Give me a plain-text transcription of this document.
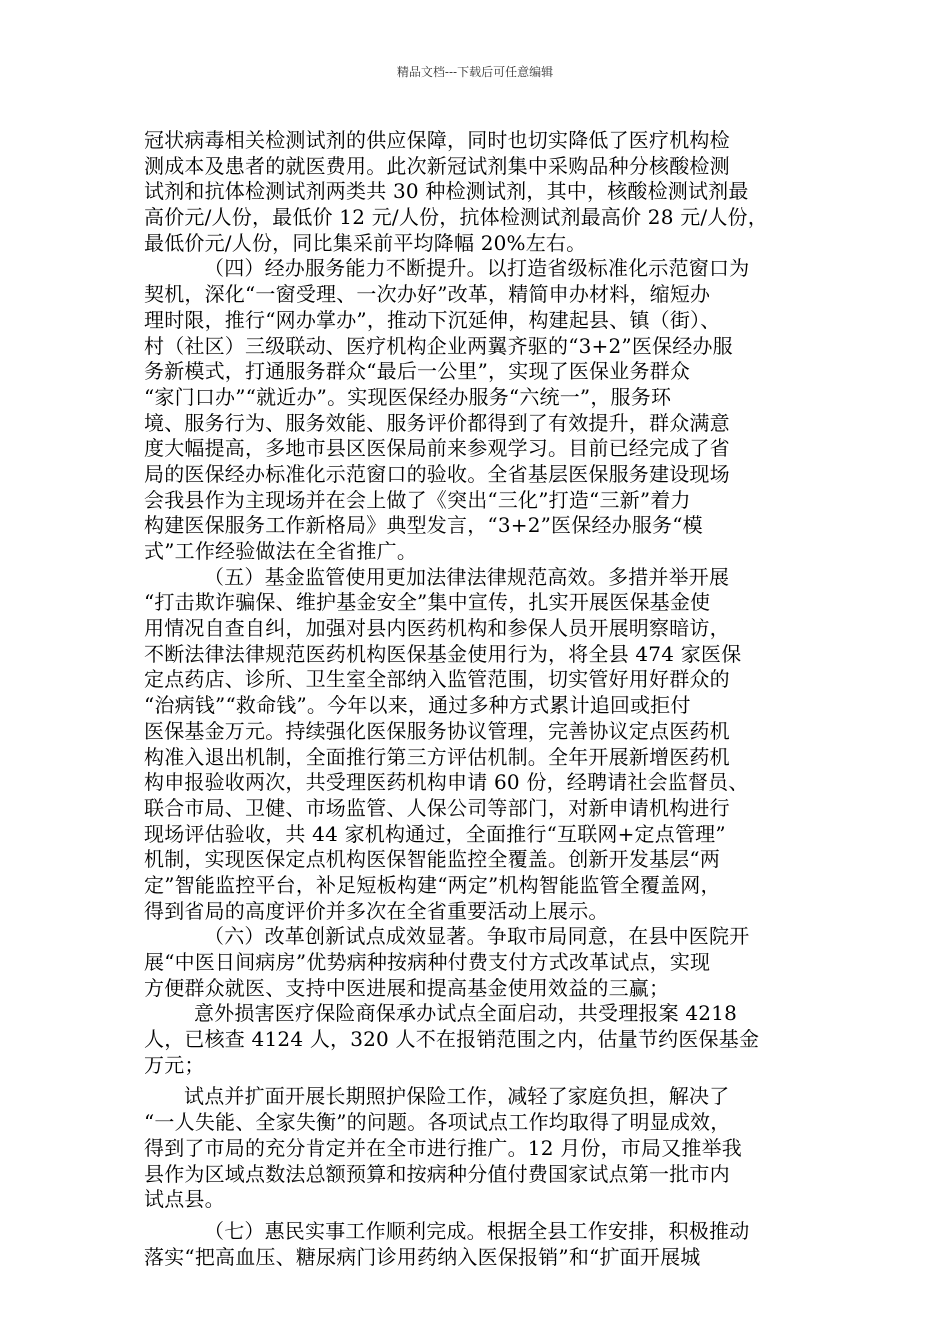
精品文档---下载后可任意编辑
冠状病毒相关检测试剂的供应保障，同时也切实降低了医疗机构检
测成本及患者的就医费用。此次新冠试剂集中采购品种分核酸检测
试剂和抗体检测试剂两类共 30 种检测试剂，其中，核酸检测试剂最
高价元/人份，最低价 12 元/人份，抗体检测试剂最高价 28 元/人份，
最低价元/人份，同比集采前平均降幅 20%左右。
（四）经办服务能力不断提升。以打造省级标准化示范窗口为
契机，深化“一窗受理、一次办好”改革，精简申办材料，缩短办
理时限，推行“网办掌办”，推动下沉延伸，构建起县、镇（街）、
村（社区）三级联动、医疗机构企业两翼齐驱的“3+2”医保经办服
务新模式，打通服务群众“最后一公里”，实现了医保业务群众
“家门口办”“就近办”。实现医保经办服务“六统一”，服务环
境、服务行为、服务效能、服务评价都得到了有效提升，群众满意
度大幅提高，多地市县区医保局前来参观学习。目前已经完成了省
局的医保经办标准化示范窗口的验收。全省基层医保服务建设现场
会我县作为主现场并在会上做了《突出“三化”打造“三新”着力
构建医保服务工作新格局》典型发言，“3+2”医保经办服务“模
式”工作经验做法在全省推广。
（五）基金监管使用更加法律法律规范高效。多措并举开展
“打击欺诈骗保、维护基金安全”集中宣传，扎实开展医保基金使
用情况自查自纠，加强对县内医药机构和参保人员开展明察暗访，
不断法律法律规范医药机构医保基金使用行为，将全县 474 家医保
定点药店、诊所、卫生室全部纳入监管范围，切实管好用好群众的
“治病钱”“救命钱”。今年以来，通过多种方式累计追回或拒付
医保基金万元。持续强化医保服务协议管理，完善协议定点医药机
构准入退出机制，全面推行第三方评估机制。全年开展新增医药机
构申报验收两次，共受理医药机构申请 60 份，经聘请社会监督员、
联合市局、卫健、市场监管、人保公司等部门，对新申请机构进行
现场评估验收，共 44 家机构通过，全面推行“互联网+定点管理”
机制，实现医保定点机构医保智能监控全覆盖。创新开发基层“两
定”智能监控平台，补足短板构建“两定”机构智能监管全覆盖网，
得到省局的高度评价并多次在全省重要活动上展示。
（六）改革创新试点成效显著。争取市局同意，在县中医院开
展“中医日间病房”优势病种按病种付费支付方式改革试点，实现
方便群众就医、支持中医进展和提高基金使用效益的三赢；
意外损害医疗保险商保承办试点全面启动，共受理报案 4218
人，已核查 4124 人，320 人不在报销范围之内，估量节约医保基金
万元；
试点并扩面开展长期照护保险工作，减轻了家庭负担，解决了
“一人失能、全家失衡”的问题。各项试点工作均取得了明显成效，
得到了市局的充分肯定并在全市进行推广。12 月份，市局又推举我
县作为区域点数法总额预算和按病种分值付费国家试点第一批市内
试点县。
（七）惠民实事工作顺利完成。根据全县工作安排，积极推动
落实“把高血压、糖尿病门诊用药纳入医保报销”和“扩面开展城
